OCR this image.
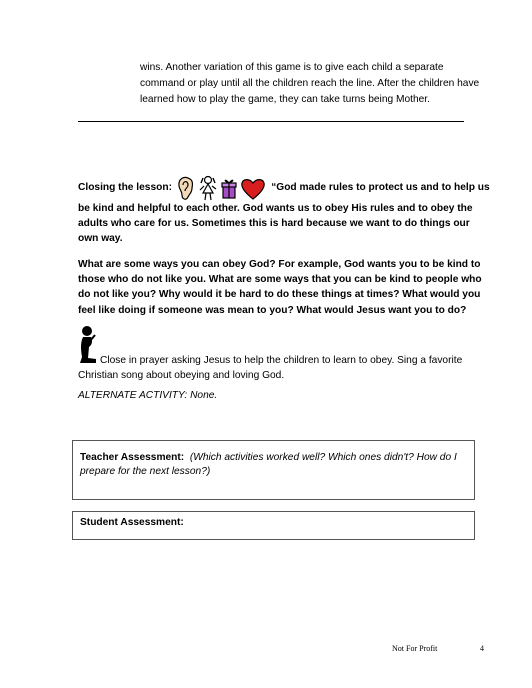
wins. Another variation of this game is to give each child a separate command or play until all the children reach the line. After the children have learned how to play the game, they can take turns being Mother.
Closing the lesson:	“God made rules to protect us and to help us be kind and helpful to each other. God wants us to obey His rules and to obey the adults who care for us. Sometimes this is hard because we want to do things our own way.
What are some ways you can obey God? For example, God wants you to be kind to those who do not like you. What are some ways that you can be kind to people who do not like you? Why would it be hard to do these things at times? What would you feel like doing if someone was mean to you? What would Jesus want you to do?
Close in prayer asking Jesus to help the children to learn to obey. Sing a favorite Christian song about obeying and loving God.
ALTERNATE ACTIVITY: None.
Teacher Assessment: (Which activities worked well? Which ones didn't? How do I prepare for the next lesson?)
Student Assessment:
Not For Profit	4
